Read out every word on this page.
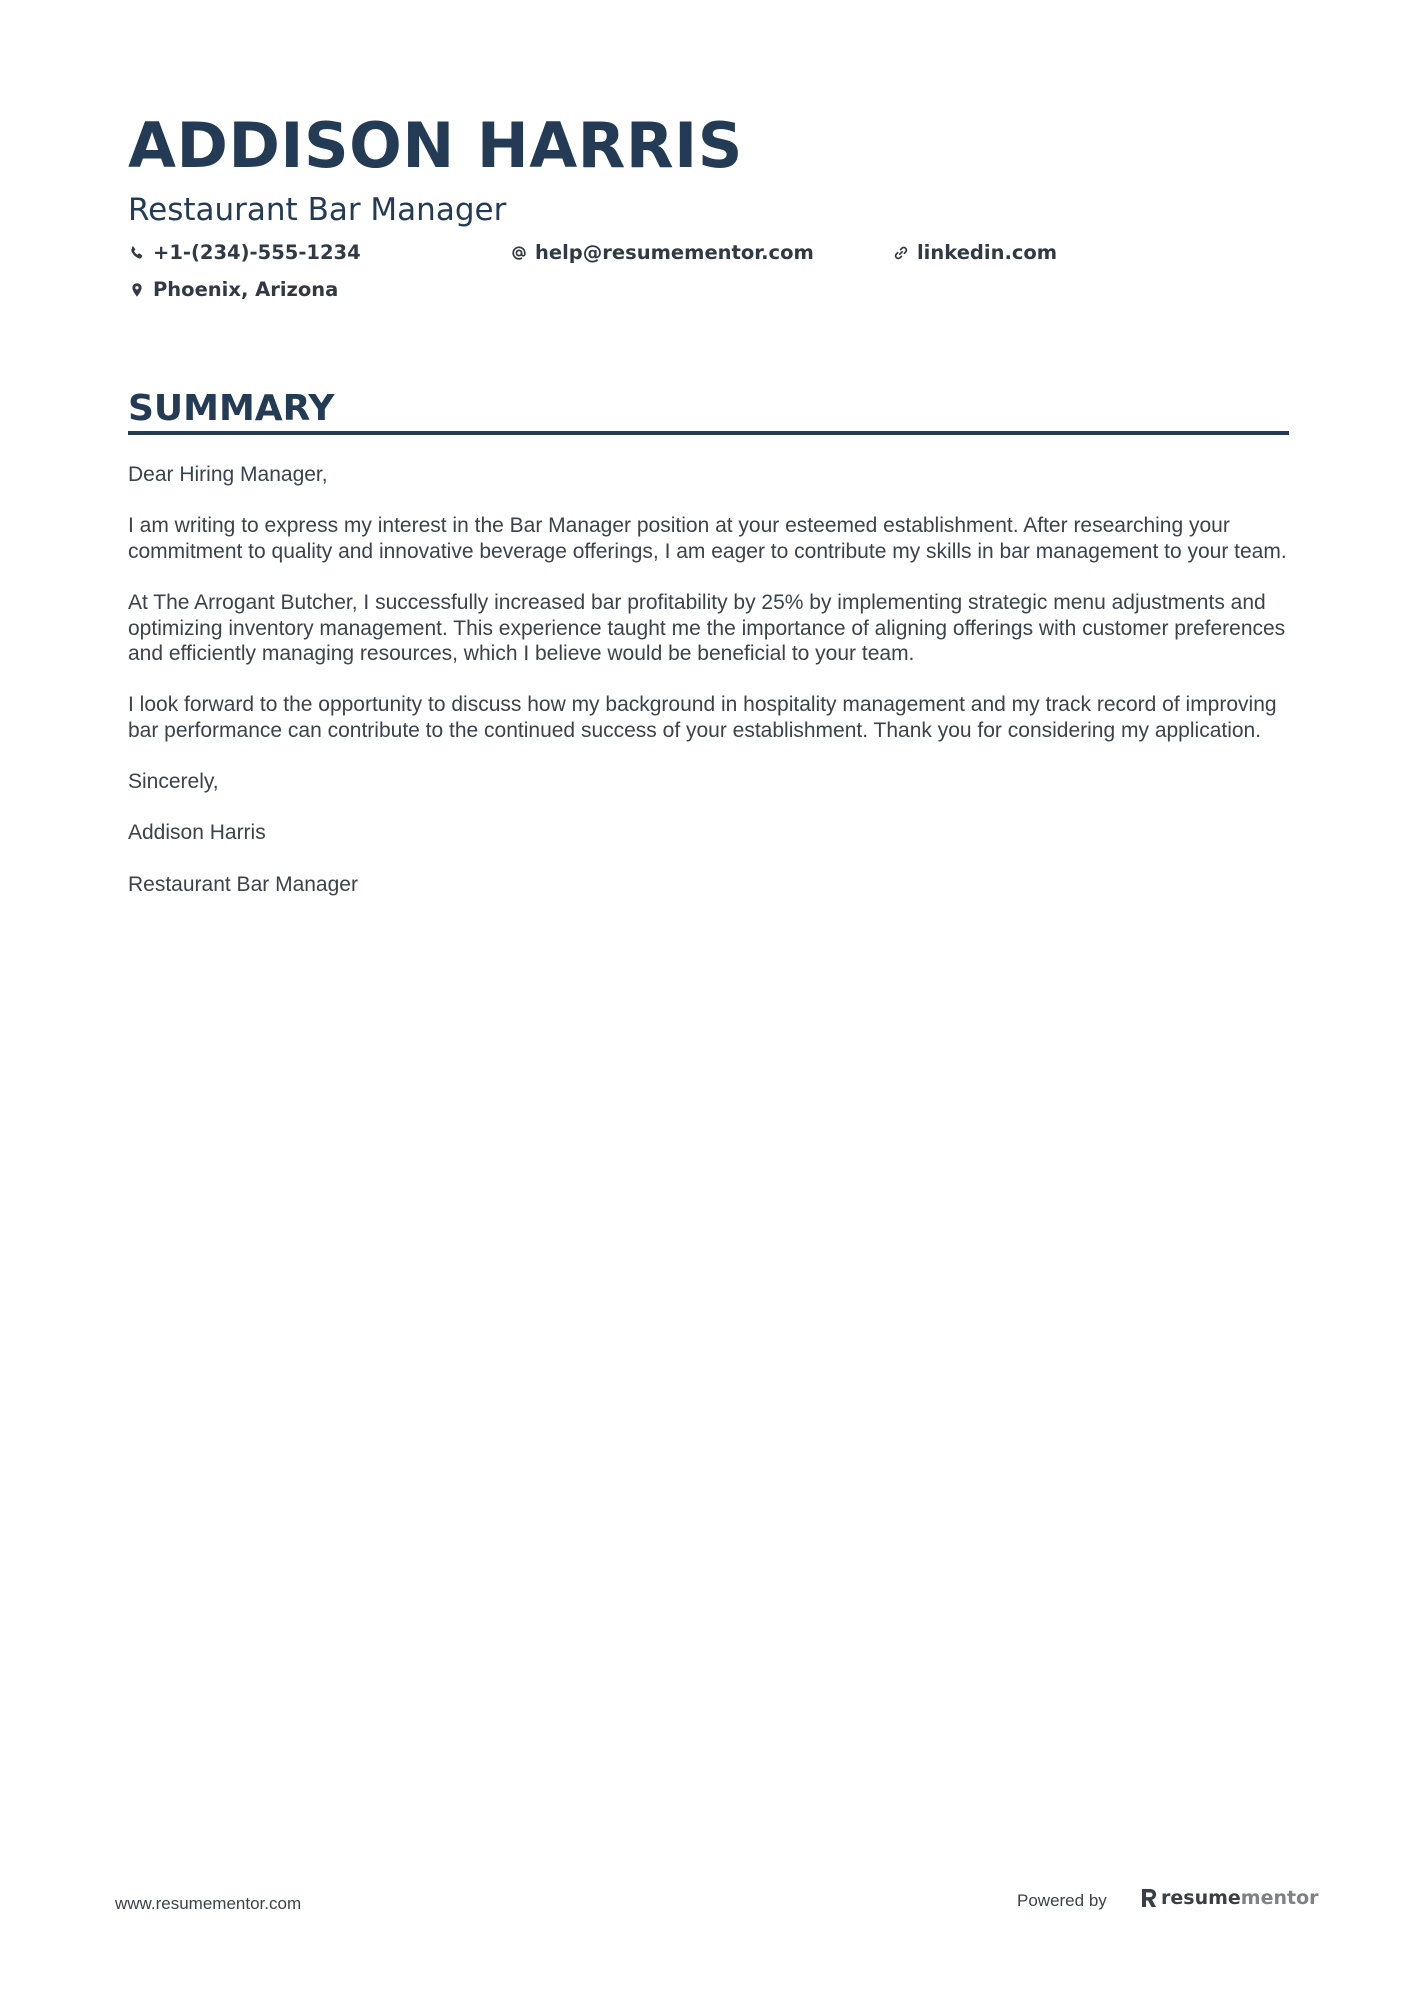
ADDISON HARRIS
Restaurant Bar Manager
+1-(234)-555-1234	help@resumementor.com	linkedin.com
Phoenix, Arizona
SUMMARY

Dear Hiring Manager,

I am writing to express my interest in the Bar Manager position at your esteemed establishment. After researching your commitment to quality and innovative beverage offerings, I am eager to contribute my skills in bar management to your team.

At The Arrogant Butcher, I successfully increased bar profitability by 25% by implementing strategic menu adjustments and optimizing inventory management. This experience taught me the importance of aligning offerings with customer preferences and efficiently managing resources, which I believe would be beneficial to your team.

I look forward to the opportunity to discuss how my background in hospitality management and my track record of improving bar performance can contribute to the continued success of your establishment. Thank you for considering my application.

Sincerely,

Addison Harris

Restaurant Bar Manager

www.resumementor.com	Powered by	resume mentor
